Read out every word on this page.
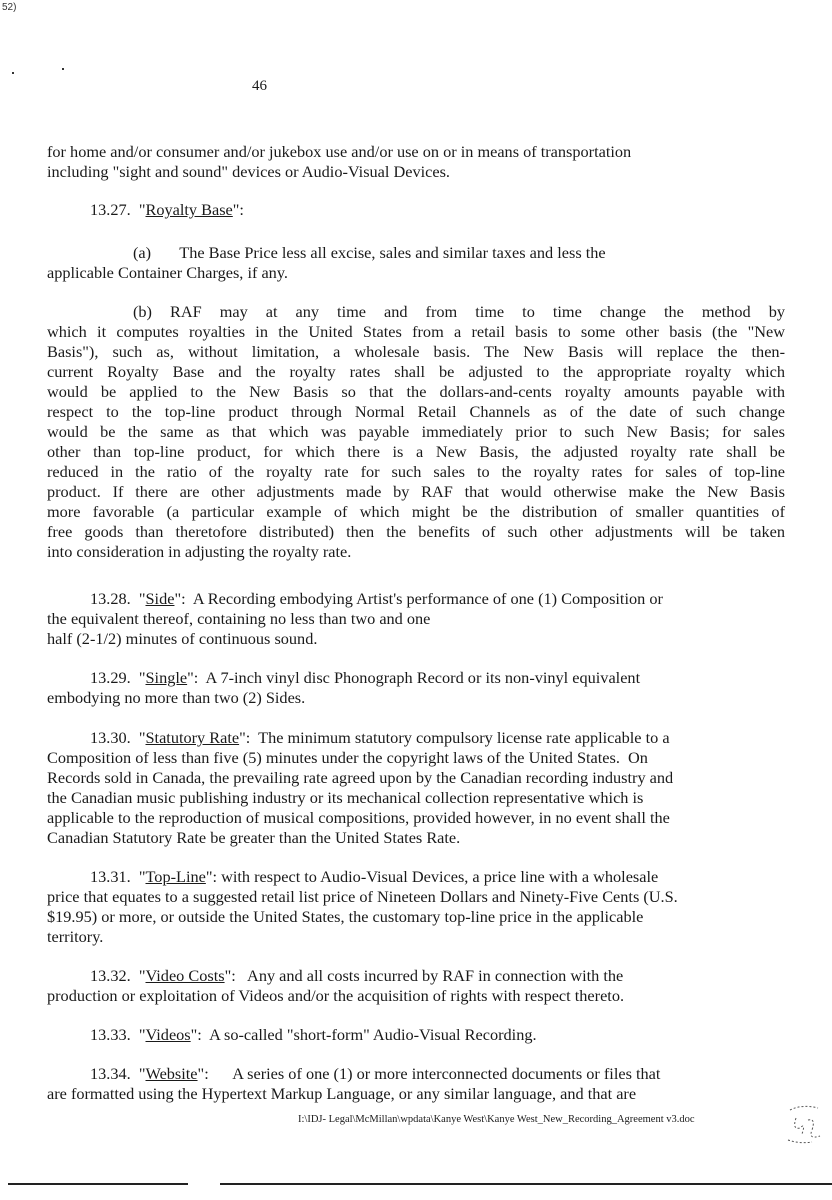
52)
46
for home and/or consumer and/or jukebox use and/or use on or in means of transportation
including "sight and sound" devices or Audio-Visual Devices.
13.27.  "Royalty Base":
(a)       The Base Price less all excise, sales and similar taxes and less the
applicable Container Charges, if any.
(b) RAF may at any time and from time to time change the method by
which it computes royalties in the United States from a retail basis to some other basis (the "New
Basis"), such as, without limitation, a wholesale basis. The New Basis will replace the then-
current Royalty Base and the royalty rates shall be adjusted to the appropriate royalty which
would be applied to the New Basis so that the dollars-and-cents royalty amounts payable with
respect to the top-line product through Normal Retail Channels as of the date of such change
would be the same as that which was payable immediately prior to such New Basis; for sales
other than top-line product, for which there is a New Basis, the adjusted royalty rate shall be
reduced in the ratio of the royalty rate for such sales to the royalty rates for sales of top-line
product. If there are other adjustments made by RAF that would otherwise make the New Basis
more favorable (a particular example of which might be the distribution of smaller quantities of
free goods than theretofore distributed) then the benefits of such other adjustments will be taken
into consideration in adjusting the royalty rate.
13.28.  "Side":  A Recording embodying Artist's performance of one (1) Composition or
the equivalent thereof, containing no less than two and one
half (2-1/2) minutes of continuous sound.
13.29.  "Single":  A 7-inch vinyl disc Phonograph Record or its non-vinyl equivalent
embodying no more than two (2) Sides.
13.30.  "Statutory Rate":  The minimum statutory compulsory license rate applicable to a
Composition of less than five (5) minutes under the copyright laws of the United States.  On
Records sold in Canada, the prevailing rate agreed upon by the Canadian recording industry and
the Canadian music publishing industry or its mechanical collection representative which is
applicable to the reproduction of musical compositions, provided however, in no event shall the
Canadian Statutory Rate be greater than the United States Rate.
13.31.  "Top-Line": with respect to Audio-Visual Devices, a price line with a wholesale
price that equates to a suggested retail list price of Nineteen Dollars and Ninety-Five Cents (U.S.
$19.95) or more, or outside the United States, the customary top-line price in the applicable
territory.
13.32.  "Video Costs":   Any and all costs incurred by RAF in connection with the
production or exploitation of Videos and/or the acquisition of rights with respect thereto.
13.33.  "Videos":  A so-called "short-form" Audio-Visual Recording.
13.34.  "Website":      A series of one (1) or more interconnected documents or files that
are formatted using the Hypertext Markup Language, or any similar language, and that are
I:\IDJ- Legal\McMillan\wpdata\Kanye West\Kanye West_New_Recording_Agreement v3.doc
